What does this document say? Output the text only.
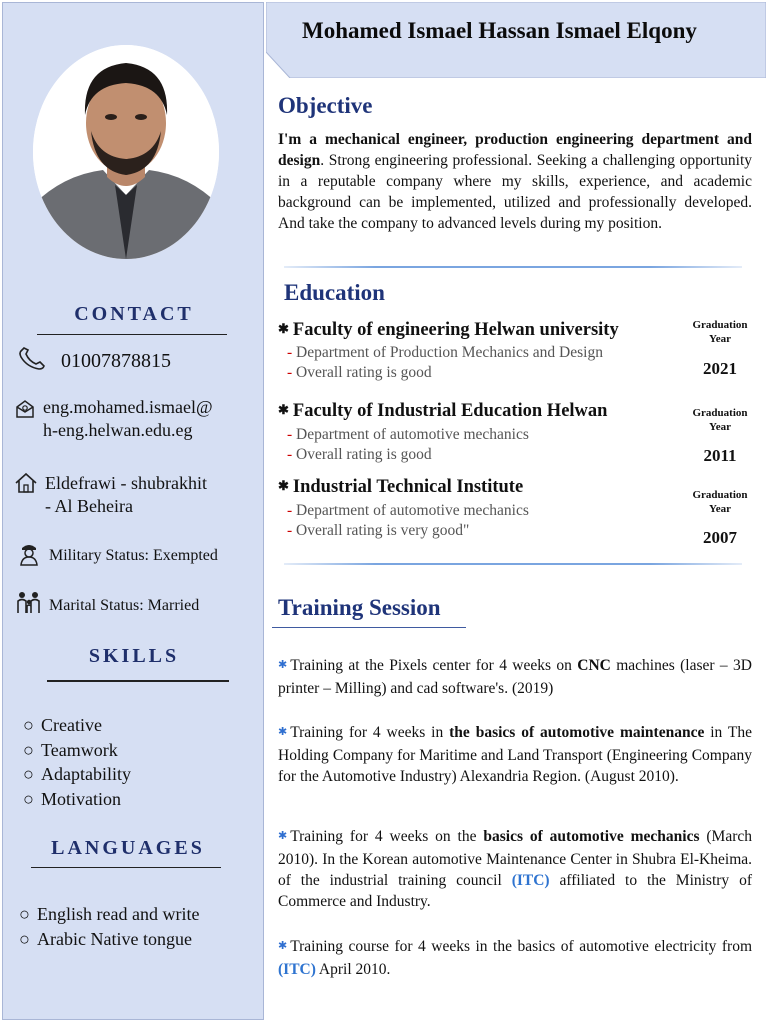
CONTACT
01007878815
eng.mohamed.ismael@
h-eng.helwan.edu.eg
Eldefrawi - shubrakhit
- Al Beheira
Military Status: Exempted
Marital Status: Married
SKILLS
○ Creative
○ Teamwork
○ Adaptability
○ Motivation
LANGUAGES
○ English read and write
○ Arabic Native tongue
Mohamed Ismael Hassan Ismael Elqony
Objective
I'm a mechanical engineer, production engineering department and design. Strong engineering professional. Seeking a challenging opportunity in a reputable company where my skills, experience, and academic background can be implemented, utilized and professionally developed. And take the company to advanced levels during my position.
Education
✱ Faculty of engineering Helwan university
- Department of Production Mechanics and Design
- Overall rating is good
Graduation
Year
2021
✱ Faculty of Industrial Education Helwan
- Department of automotive mechanics
- Overall rating is good
Graduation
Year
2011
✱ Industrial Technical Institute
- Department of automotive mechanics
- Overall rating is very good"
Graduation
Year
2007
Training Session
✱ Training at the Pixels center for 4 weeks on CNC machines (laser – 3D printer – Milling) and cad software's. (2019)
✱ Training for 4 weeks in the basics of automotive maintenance in The Holding Company for Maritime and Land Transport (Engineering Company for the Automotive Industry) Alexandria Region. (August 2010).
✱ Training for 4 weeks on the basics of automotive mechanics (March 2010). In the Korean automotive Maintenance Center in Shubra El-Kheima. of the industrial training council (ITC) affiliated to the Ministry of Commerce and Industry.
✱ Training course for 4 weeks in the basics of automotive electricity from (ITC) April 2010.
